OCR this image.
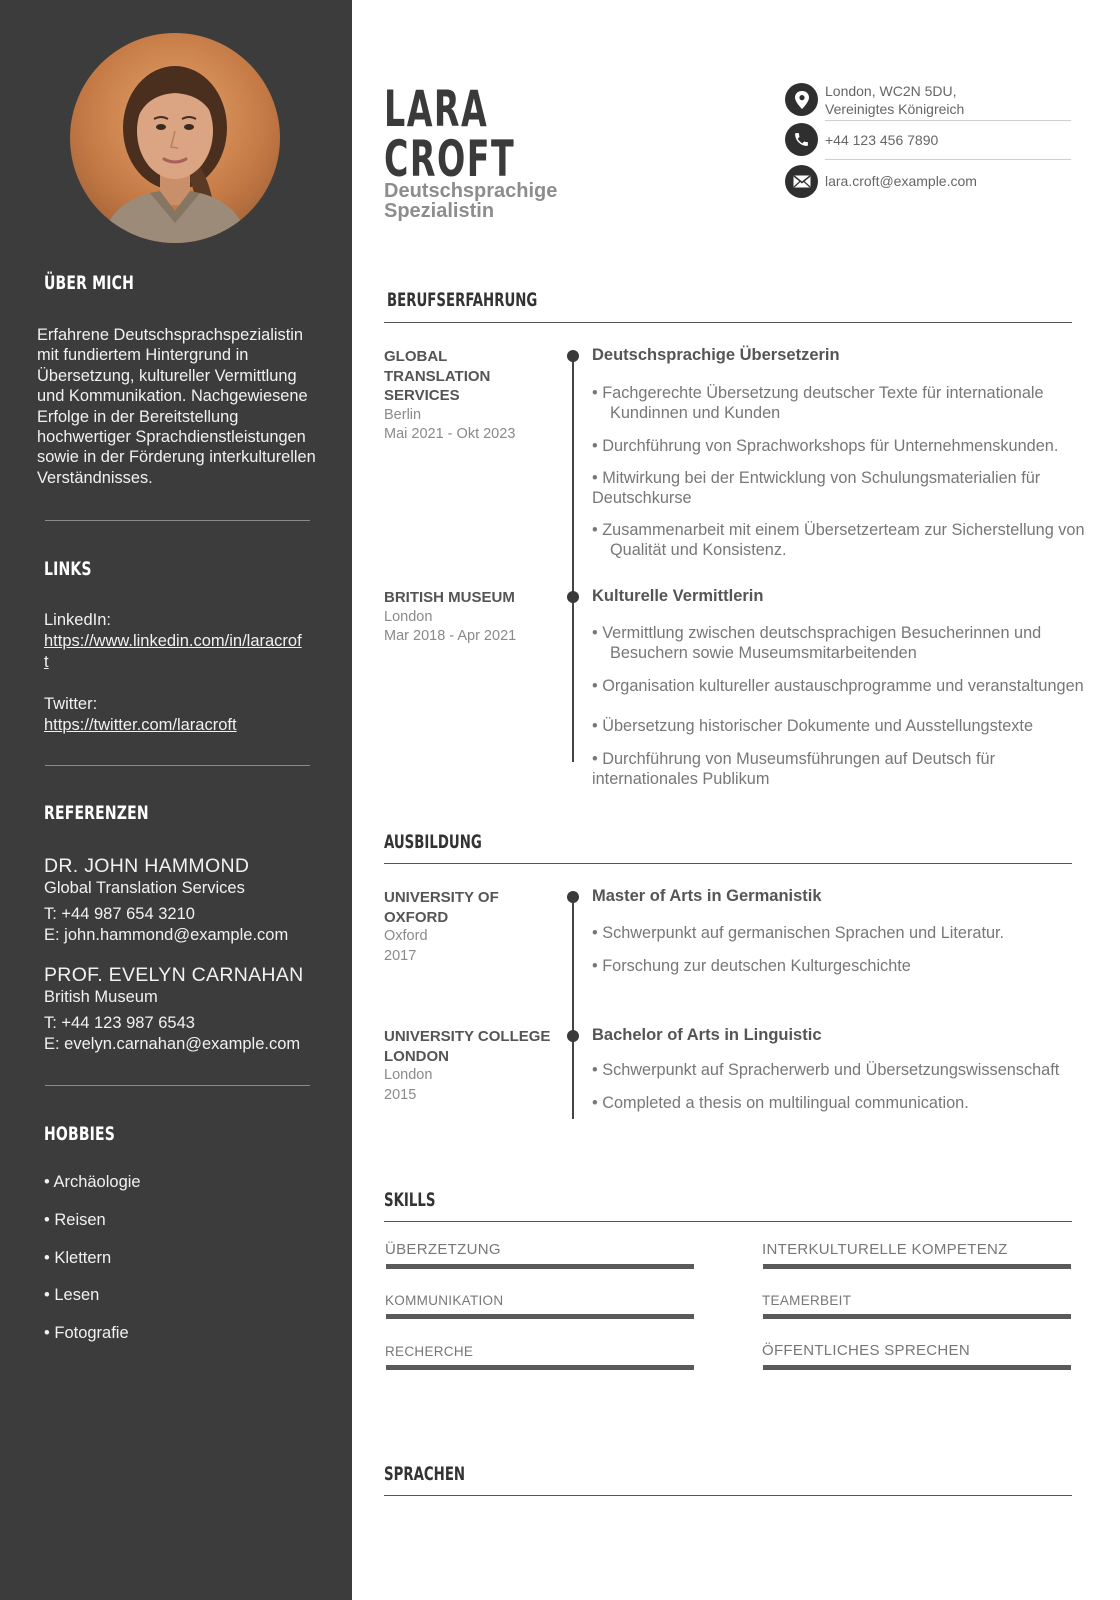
ÜBER MICH

Erfahrene Deutschsprachspezialistin mit fundiertem Hintergrund in Übersetzung, kultureller Vermittlung und Kommunikation. Nachgewiesene Erfolge in der Bereitstellung hochwertiger Sprachdienstleistungen sowie in der Förderung interkulturellen Verständnisses.

LINKS
LinkedIn:
https://www.linkedin.com/in/laracroft
Twitter:
https://twitter.com/laracroft
REFERENZEN
DR. JOHN HAMMOND
Global Translation Services
T: +44 987 654 3210
E: john.hammond@example.com
PROF. EVELYN CARNAHAN
British Museum
T: +44 123 987 6543
E: evelyn.carnahan@example.com
HOBBIES
• Archäologie
• Reisen
• Klettern
• Lesen
• Fotografie
LARA
CROFT
Deutschsprachige Spezialistin
London, WC2N 5DU,
Vereinigtes Königreich
+44 123 456 7890
lara.croft@example.com
BERUFSERFAHRUNG
GLOBAL TRANSLATION SERVICES
Berlin
Mai 2021 - Okt 2023
Deutschsprachige Übersetzerin
• Fachgerechte Übersetzung deutscher Texte für internationale Kundinnen und Kunden
• Durchführung von Sprachworkshops für Unternehmenskunden.
• Mitwirkung bei der Entwicklung von Schulungsmaterialien für Deutschkurse
• Zusammenarbeit mit einem Übersetzerteam zur Sicherstellung von Qualität und Konsistenz.
BRITISH MUSEUM
London
Mar 2018 - Apr 2021
Kulturelle Vermittlerin
• Vermittlung zwischen deutschsprachigen Besucherinnen und Besuchern sowie Museumsmitarbeitenden
• Organisation kultureller austauschprogramme und veranstaltungen
• Übersetzung historischer Dokumente und Ausstellungstexte
• Durchführung von Museumsführungen auf Deutsch für internationales Publikum
AUSBILDUNG
UNIVERSITY OF OXFORD
Oxford
2017
Master of Arts in Germanistik
• Schwerpunkt auf germanischen Sprachen und Literatur.
• Forschung zur deutschen Kulturgeschichte
UNIVERSITY COLLEGE LONDON
London
2015
Bachelor of Arts in Linguistic
• Schwerpunkt auf Spracherwerb und Übersetzungswissenschaft
• Completed a thesis on multilingual communication.
SKILLS
ÜBERZETZUNG	INTERKULTURELLE KOMPETENZ
KOMMUNIKATION	TEAMERBEIT
RECHERCHE	ÖFFENTLICHES SPRECHEN
SPRACHEN
